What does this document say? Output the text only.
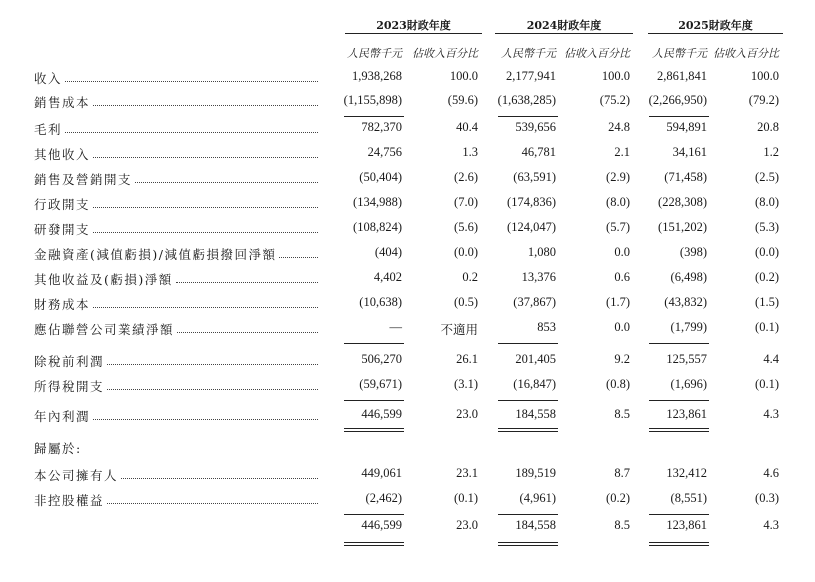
2023財政年度	2024財政年度	2025財政年度
人民幣千元 佔收入百分比	人民幣千元 佔收入百分比	人民幣千元 佔收入百分比
收入	1,938,268	100.0	2,177,941	100.0	2,861,841	100.0
銷售成本	(1,155,898)	(59.6)	(1,638,285)	(75.2)	(2,266,950)	(79.2)
毛利	782,370	40.4	539,656	24.8	594,891	20.8
其他收入	24,756	1.3	46,781	2.1	34,161	1.2
銷售及營銷開支	(50,404)	(2.6)	(63,591)	(2.9)	(71,458)	(2.5)
行政開支	(134,988)	(7.0)	(174,836)	(8.0)	(228,308)	(8.0)
研發開支	(108,824)	(5.6)	(124,047)	(5.7)	(151,202)	(5.3)
金融資產(減值虧損)/減值虧損撥回淨額	(404)	(0.0)	1,080	0.0	(398)	(0.0)
其他收益及(虧損)淨額	4,402	0.2	13,376	0.6	(6,498)	(0.2)
財務成本	(10,638)	(0.5)	(37,867)	(1.7)	(43,832)	(1.5)
應佔聯營公司業績淨額	—	不適用	853	0.0	(1,799)	(0.1)
除稅前利潤	506,270	26.1	201,405	9.2	125,557	4.4
所得稅開支	(59,671)	(3.1)	(16,847)	(0.8)	(1,696)	(0.1)
年內利潤	446,599	23.0	184,558	8.5	123,861	4.3
歸屬於:
本公司擁有人	449,061	23.1	189,519	8.7	132,412	4.6
非控股權益	(2,462)	(0.1)	(4,961)	(0.2)	(8,551)	(0.3)
446,599	23.0	184,558	8.5	123,861	4.3
